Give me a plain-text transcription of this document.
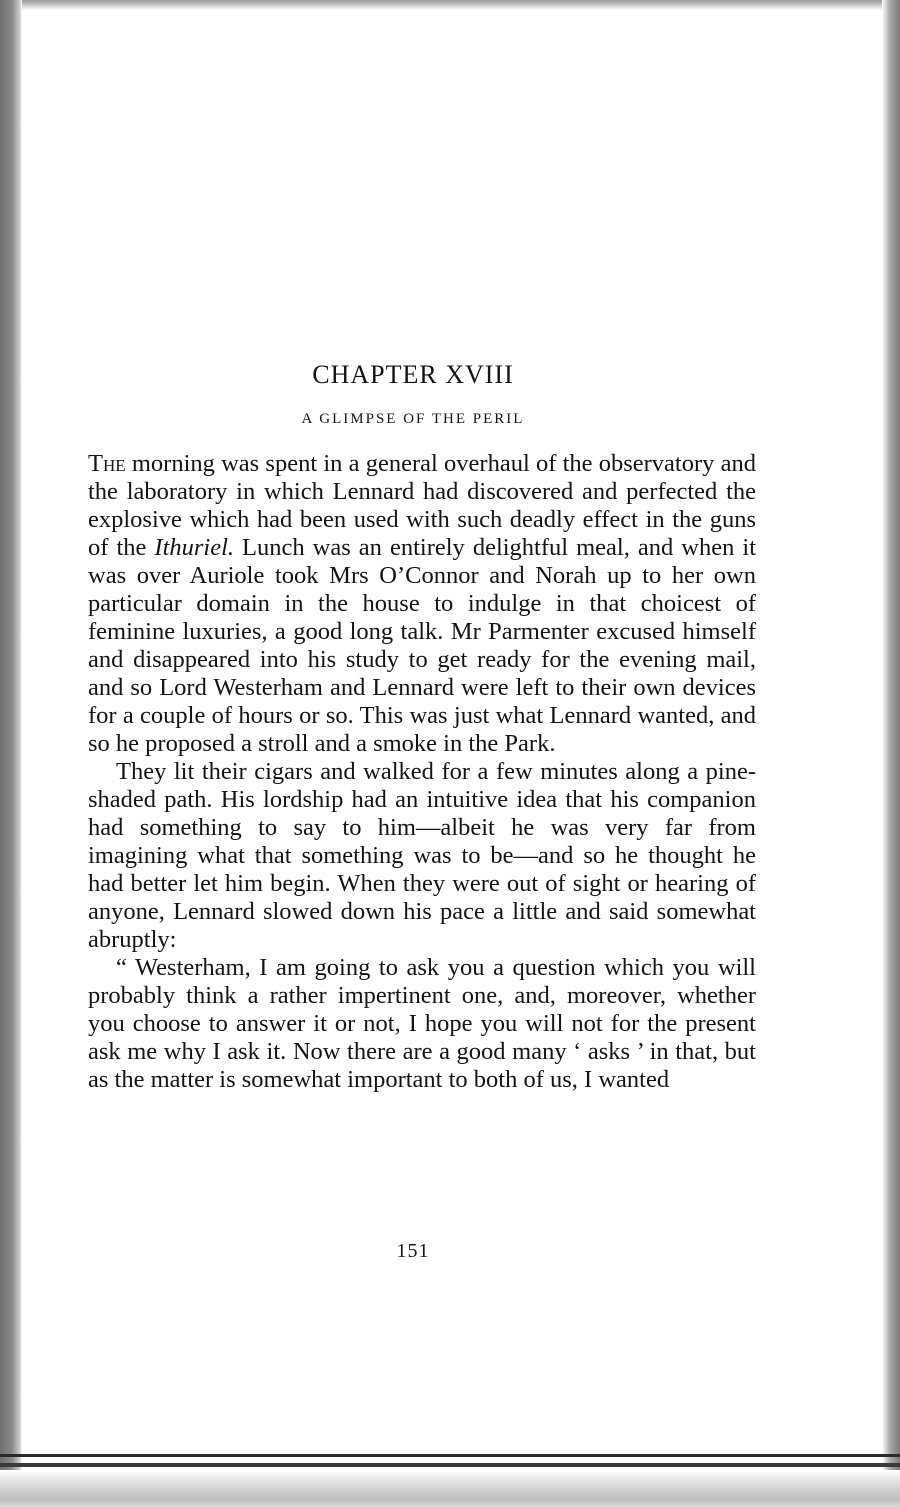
CHAPTER XVIII
A GLIMPSE OF THE PERIL

The morning was spent in a general overhaul of the observatory and the laboratory in which Lennard had discovered and perfected the explosive which had been used with such deadly effect in the guns of the Ithuriel. Lunch was an entirely delightful meal, and when it was over Auriole took Mrs O’Connor and Norah up to her own particular domain in the house to indulge in that choicest of feminine luxuries, a good long talk. Mr Parmenter excused himself and disappeared into his study to get ready for the evening mail, and so Lord Westerham and Lennard were left to their own devices for a couple of hours or so. This was just what Lennard wanted, and so he proposed a stroll and a smoke in the Park.

They lit their cigars and walked for a few minutes along a pine-shaded path. His lordship had an intuitive idea that his companion had something to say to him—albeit he was very far from imagining what that something was to be—and so he thought he had better let him begin. When they were out of sight or hearing of anyone, Lennard slowed down his pace a little and said somewhat abruptly:

“ Westerham, I am going to ask you a question which you will probably think a rather impertinent one, and, moreover, whether you choose to answer it or not, I hope you will not for the present ask me why I ask it. Now there are a good many ‘ asks ’ in that, but as the matter is somewhat important to both of us, I wanted

151
